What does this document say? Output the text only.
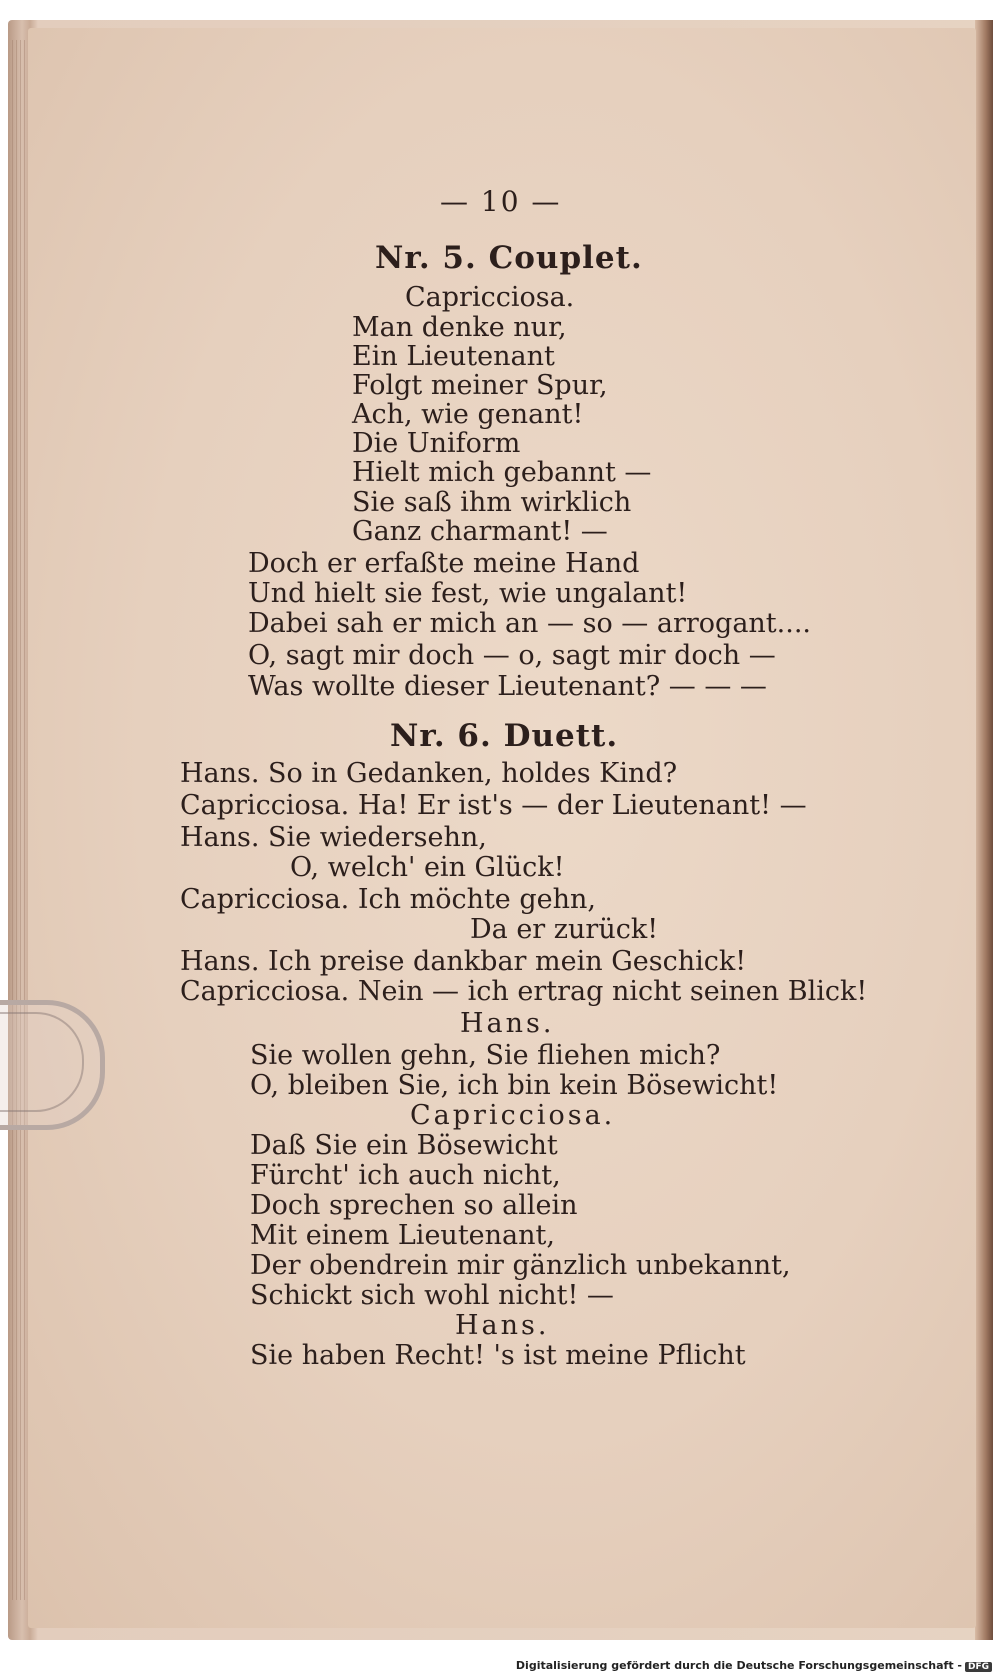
— 10 —
Nr. 5. Couplet.
Capricciosa.
Man denke nur,
Ein Lieutenant
Folgt meiner Spur,
Ach, wie genant!
Die Uniform
Hielt mich gebannt —
Sie saß ihm wirklich
Ganz charmant! —
Doch er erfaßte meine Hand
Und hielt sie fest, wie ungalant!
Dabei sah er mich an — so — arrogant....
O, sagt mir doch — o, sagt mir doch —
Was wollte dieser Lieutenant? — — —
Nr. 6. Duett.
Hans. So in Gedanken, holdes Kind?
Capricciosa. Ha! Er ist's — der Lieutenant! —
Hans. Sie wiedersehn,
O, welch' ein Glück!
Capricciosa. Ich möchte gehn,
Da er zurück!
Hans. Ich preise dankbar mein Geschick!
Capricciosa. Nein — ich ertrag nicht seinen Blick!
Hans.
Sie wollen gehn, Sie fliehen mich?
O, bleiben Sie, ich bin kein Bösewicht!
Capricciosa.
Daß Sie ein Bösewicht
Fürcht' ich auch nicht,
Doch sprechen so allein
Mit einem Lieutenant,
Der obendrein mir gänzlich unbekannt,
Schickt sich wohl nicht! —
Hans.
Sie haben Recht! 's ist meine Pflicht
Digitalisierung gefördert durch die Deutsche Forschungsgemeinschaft - DFG
